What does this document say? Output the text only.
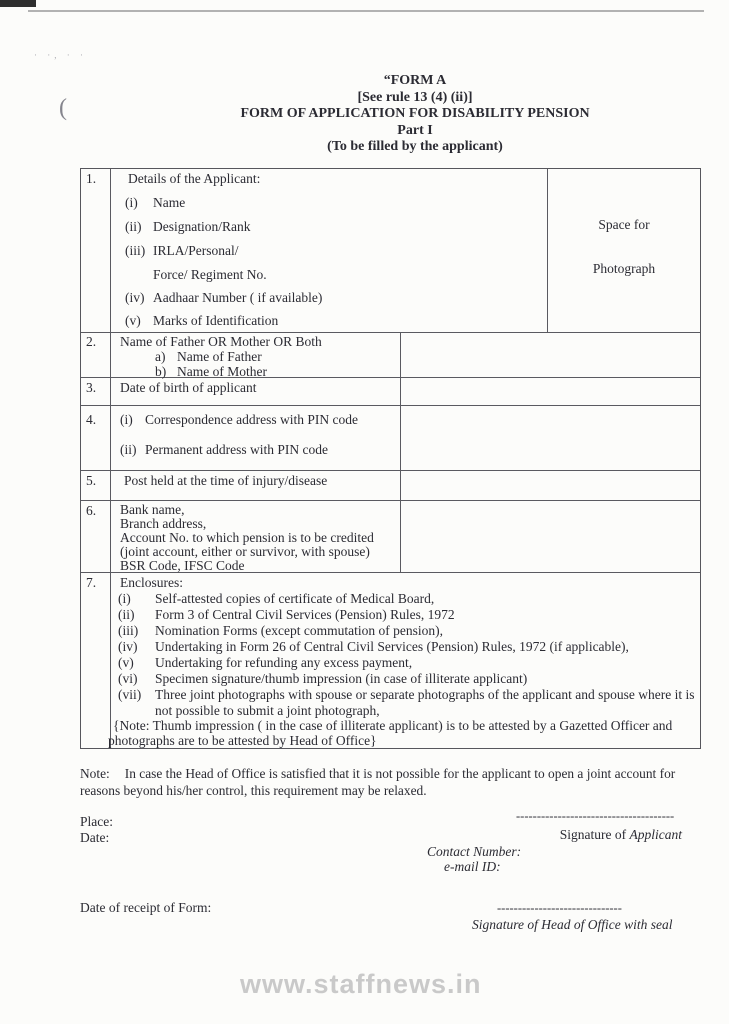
· ·, · ·
(
“FORM A
[See rule 13 (4) (ii)]
FORM OF APPLICATION FOR DISABILITY PENSION
Part I
(To be filled by the applicant)
1. Details of the Applicant:
(i) Name
(ii) Designation/Rank
(iii) IRLA/Personal/
Force/ Regiment No.
(iv) Aadhaar Number ( if available)
(v) Marks of Identification
Space for
Photograph
2. Name of Father OR Mother OR Both
a) Name of Father
b) Name of Mother
3. Date of birth of applicant
4. (i) Correspondence address with PIN code
(ii) Permanent address with PIN code
5. Post held at the time of injury/disease
6. Bank name,
Branch address,
Account No. to which pension is to be credited
(joint account, either or survivor, with spouse)
BSR Code, IFSC Code
7. Enclosures:
(i) Self-attested copies of certificate of Medical Board,
(ii) Form 3 of Central Civil Services (Pension) Rules, 1972
(iii) Nomination Forms (except commutation of pension),
(iv) Undertaking in Form 26 of Central Civil Services (Pension) Rules, 1972 (if applicable),
(v) Undertaking for refunding any excess payment,
(vi) Specimen signature/thumb impression (in case of illiterate applicant)
(vii) Three joint photographs with spouse or separate photographs of the applicant and spouse where it is
not possible to submit a joint photograph,
{Note: Thumb impression ( in the case of illiterate applicant) is to be attested by a Gazetted Officer and
photographs are to be attested by Head of Office}
Note: In case the Head of Office is satisfied that it is not possible for the applicant to open a joint account for reasons beyond his/her control, this requirement may be relaxed.
Place:
Date:
--------------------------------------
Signature of Applicant
Contact Number:
e-mail ID:
Date of receipt of Form:	------------------------------
Signature of Head of Office with seal
www.staffnews.in
